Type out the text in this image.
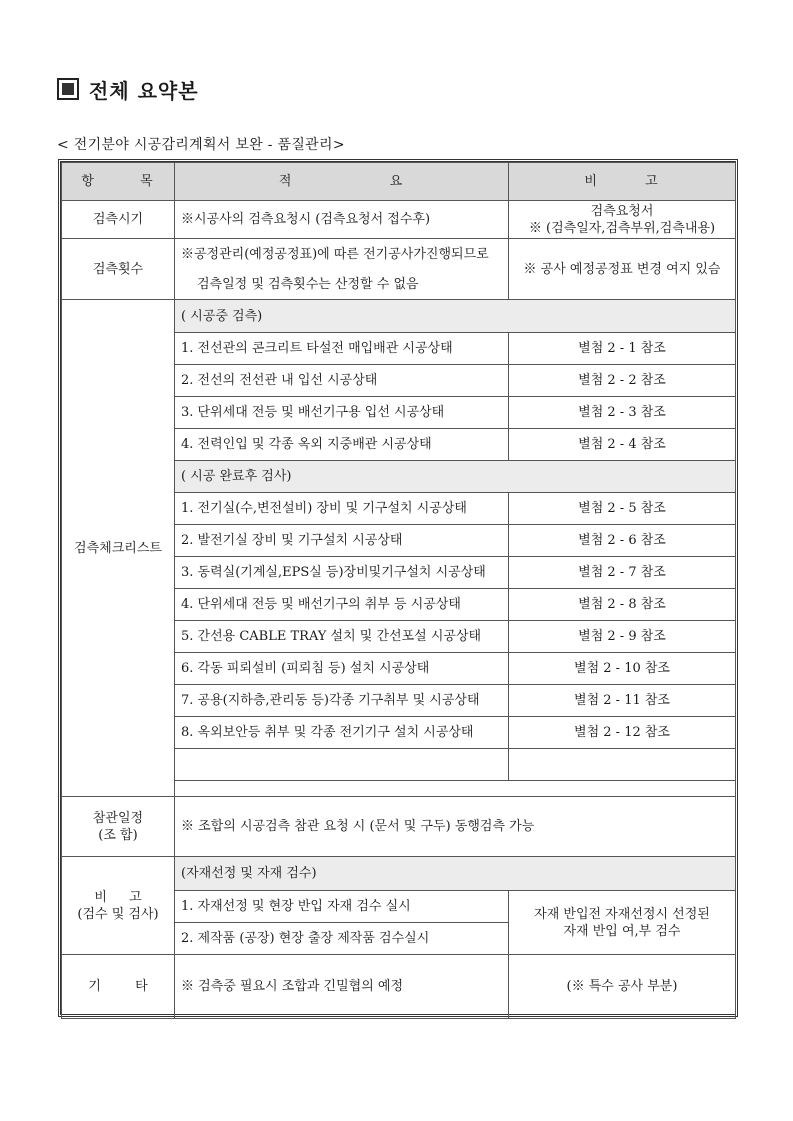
전체 요약본
< 전기분야 시공감리계획서 보완 - 품질관리>
항 목	적 요	비 고
검측시기	※시공사의 검측요청시 (검측요청서 접수후)	검측요청서
※ (검측일자,검측부위,검측내용)

검측횟수	※공정관리(예정공정표)에 따른 전기공사가진행되므로	※ 공사 예정공정표 변경 여지 있슴
	검측일정 및 검측횟수는 산정할 수 없음	
검측체크리스트	( 시공중 검측)	
	1. 전선관의 콘크리트 타설전 매입배관 시공상태	별첨 2 - 1 참조
	2. 전선의 전선관 내 입선 시공상태	별첨 2 - 2 참조
	3. 단위세대 전등 및 배선기구용 입선 시공상태	별첨 2 - 3 참조
	4. 전력인입 및 각종 옥외 지중배관 시공상태	별첨 2 - 4 참조
	( 시공 완료후 검사)	
	1. 전기실(수,변전설비) 장비 및 기구설치 시공상태	별첨 2 - 5 참조
	2. 발전기실 장비 및 기구설치 시공상태	별첨 2 - 6 참조
	3. 동력실(기계실,EPS실 등)장비및기구설치 시공상태	별첨 2 - 7 참조
	4. 단위세대 전등 및 배선기구의 취부 등 시공상태	별첨 2 - 8 참조
	5. 간선용 CABLE TRAY 설치 및 간선포설 시공상태	별첨 2 - 9 참조
	6. 각동 피뢰설비 (피뢰침 등) 설치 시공상태	별첨 2 - 10 참조
	7. 공용(지하층,관리동 등)각종 기구취부 및 시공상태	별첨 2 - 11 참조
	8. 옥외보안등 취부 및 각종 전기기구 설치 시공상태	별첨 2 - 12 참조

참관일정
(조 합)	※ 조합의 시공검측 참관 요청 시 (문서 및 구두) 동행검측 가능	

비 고
(검수 및 검사)	(자재선정 및 자재 검수)	
	1. 자재선정 및 현장 반입 자재 검수 실시	자재 반입전 자재선정시 선정된
자재 반입 여,부 검수

	2. 제작품 (공장) 현장 출장 제작품 검수실시	
기 타	※ 검측중 필요시 조합과 긴밀협의 예정	(※ 특수 공사 부분)
